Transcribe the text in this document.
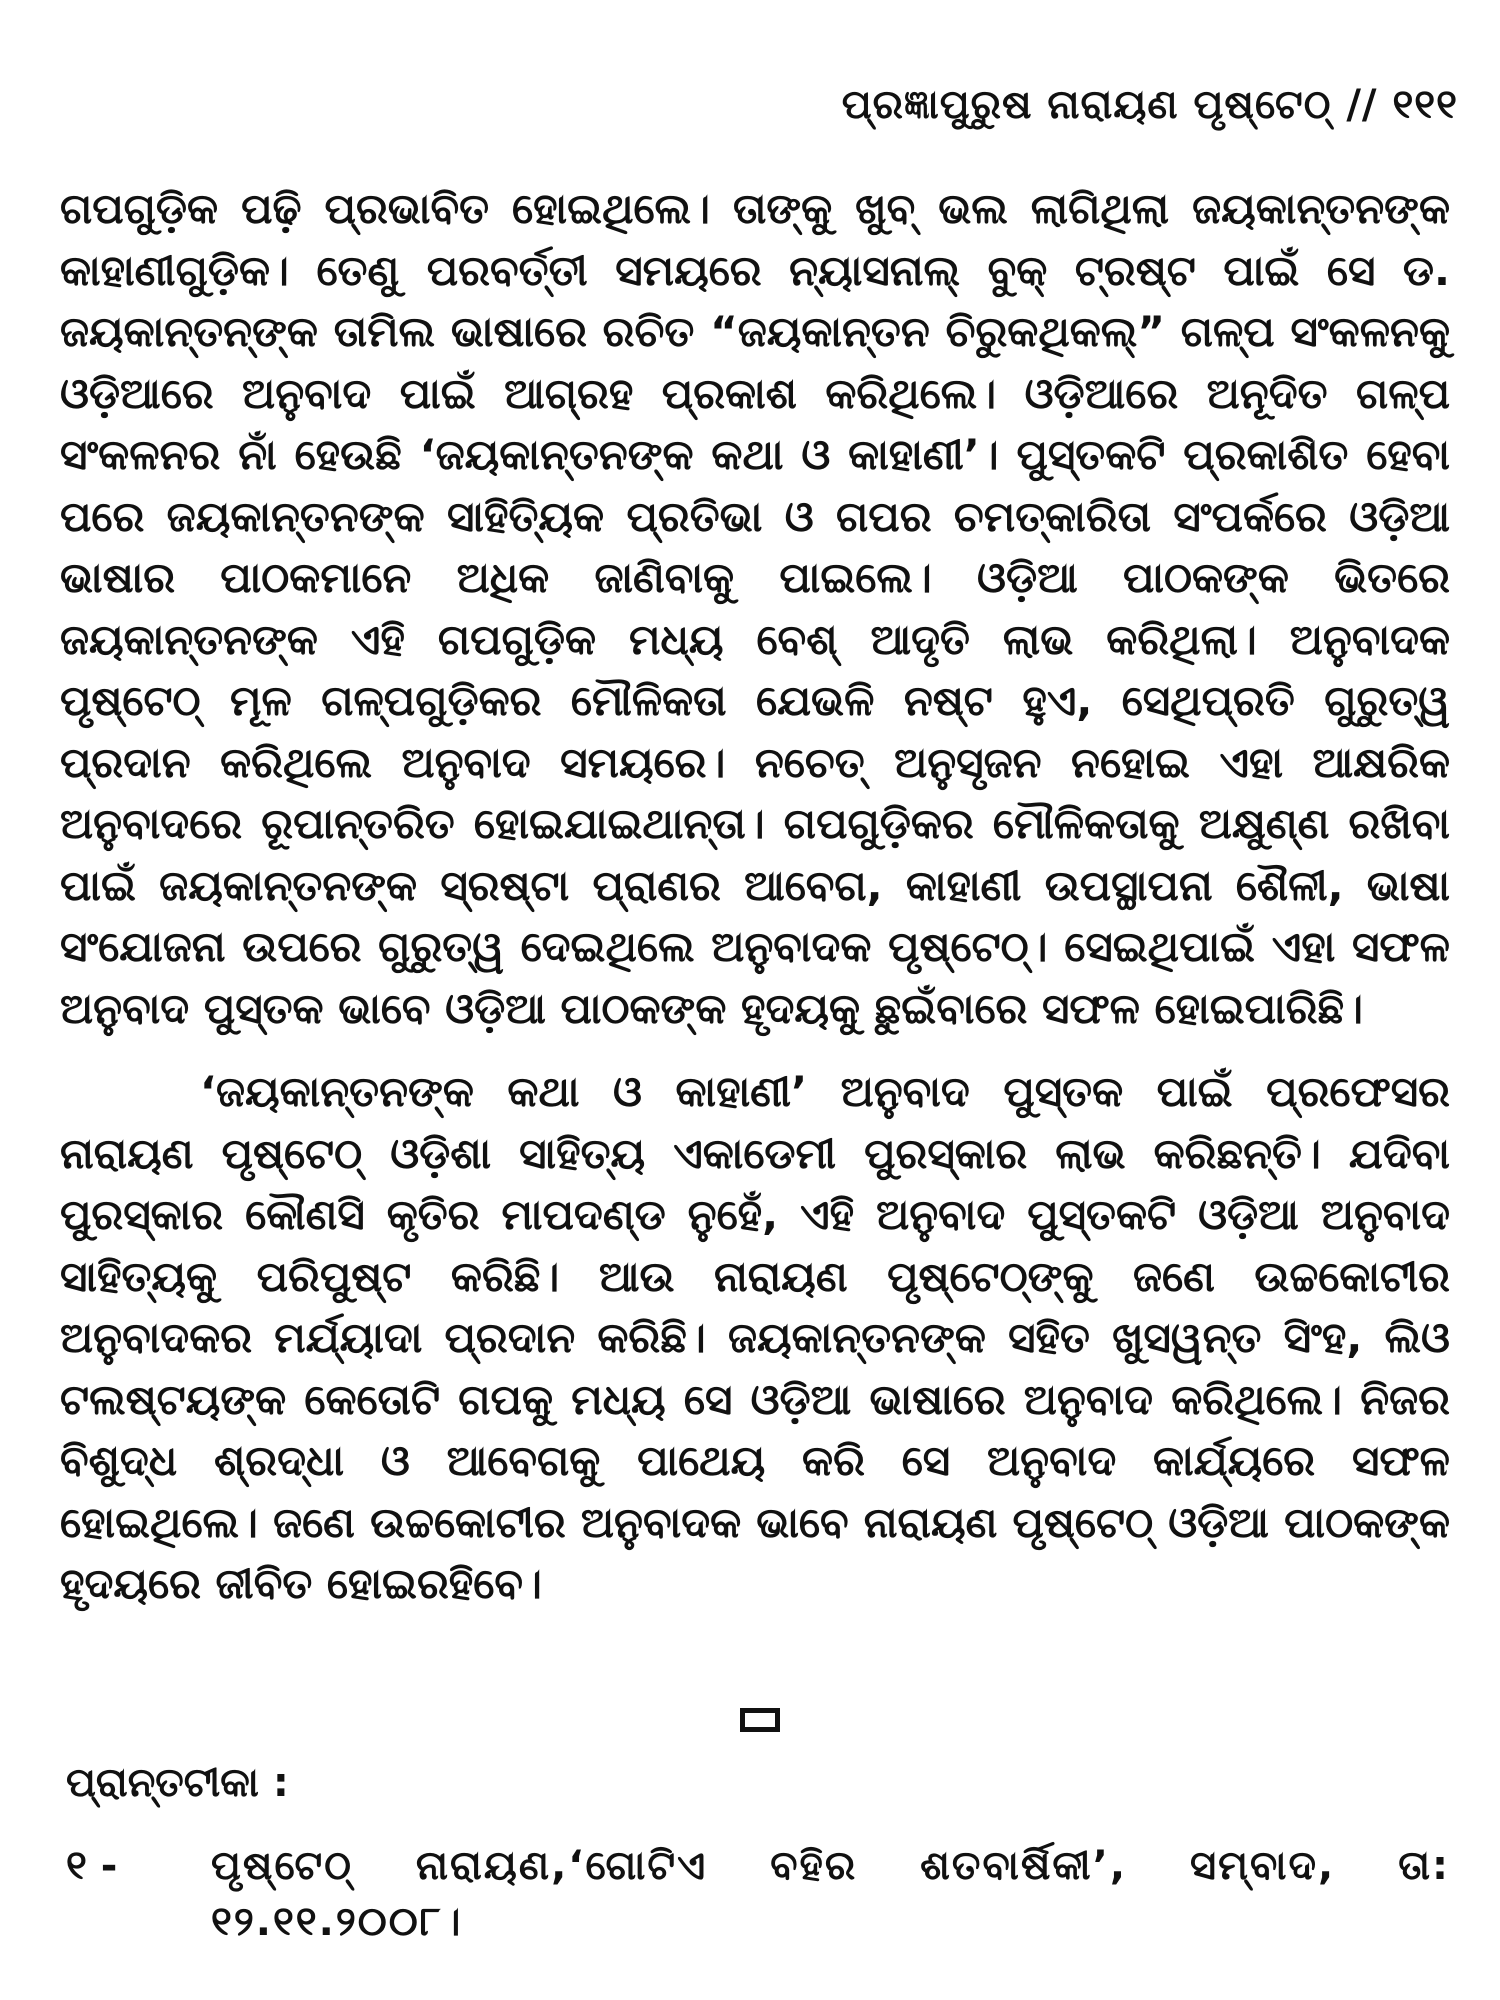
ପ୍ରଜ୍ଞାପୁରୁଷ ନାରାୟଣ ପୃଷ୍ଟେଠ୍ // ୧୧୧

ଗପଗୁଡ଼ିକ ପଢ଼ି ପ୍ରଭାବିତ ହୋଇଥିଲେ। ତାଙ୍କୁ ଖୁବ୍ ଭଲ ଲାଗିଥିଲା ଜୟକାନ୍ତନଙ୍କ କାହାଣୀଗୁଡ଼ିକ। ତେଣୁ ପରବର୍ତ୍ତୀ ସମୟରେ ନ୍ୟାସନାଲ୍ ବୁକ୍ ଟ୍ରଷ୍ଟ ପାଇଁ ସେ ଡ. ଜୟକାନ୍ତନ୍‌ଙ୍କ ତାମିଲ ଭାଷାରେ ରଚିତ “ଜୟକାନ୍ତନ ଚିରୁକଥିକଲ୍” ଗଳ୍ପ ସଂକଳନକୁ ଓଡ଼ିଆରେ ଅନୁବାଦ ପାଇଁ ଆଗ୍ରହ ପ୍ରକାଶ କରିଥିଲେ। ଓଡ଼ିଆରେ ଅନୂଦିତ ଗଳ୍ପ ସଂକଳନର ନାଁ ହେଉଛି ‘ଜୟକାନ୍ତନଙ୍କ କଥା ଓ କାହାଣୀ’। ପୁସ୍ତକଟି ପ୍ରକାଶିତ ହେବା ପରେ ଜୟକାନ୍ତନଙ୍କ ସାହିତ୍ୟିକ ପ୍ରତିଭା ଓ ଗପର ଚମତ୍କାରିତା ସଂପର୍କରେ ଓଡ଼ିଆ ଭାଷାର ପାଠକମାନେ ଅଧିକ ଜାଣିବାକୁ ପାଇଲେ। ଓଡ଼ିଆ ପାଠକଙ୍କ ଭିତରେ ଜୟକାନ୍ତନଙ୍କ ଏହି ଗପଗୁଡ଼ିକ ମଧ୍ୟ ବେଶ୍ ଆଦୃତି ଲାଭ କରିଥିଲା। ଅନୁବାଦକ ପୃଷ୍ଟେଠ୍ ମୂଳ ଗଳ୍ପଗୁଡ଼ିକର ମୌଳିକତା ଯେଭଳି ନଷ୍ଟ ହୁଏ, ସେଥିପ୍ରତି ଗୁରୁତ୍ୱ ପ୍ରଦାନ କରିଥିଲେ ଅନୁବାଦ ସମୟରେ। ନଚେତ୍ ଅନୁସୃଜନ ନହୋଇ ଏହା ଆକ୍ଷରିକ ଅନୁବାଦରେ ରୂପାନ୍ତରିତ ହୋଇଯାଇଥାନ୍ତା। ଗପଗୁଡ଼ିକର ମୌଳିକତାକୁ ଅକ୍ଷୁଣ୍ଣ ରଖିବା ପାଇଁ ଜୟକାନ୍ତନଙ୍କ ସ୍ରଷ୍ଟା ପ୍ରାଣର ଆବେଗ, କାହାଣୀ ଉପସ୍ଥାପନା ଶୈଳୀ, ଭାଷା ସଂଯୋଜନା ଉପରେ ଗୁରୁତ୍ୱ ଦେଇଥିଲେ ଅନୁବାଦକ ପୃଷ୍ଟେଠ୍। ସେଇଥିପାଇଁ ଏହା ସଫଳ ଅନୁବାଦ ପୁସ୍ତକ ଭାବେ ଓଡ଼ିଆ ପାଠକଙ୍କ ହୃଦୟକୁ ଛୁଇଁବାରେ ସଫଳ ହୋଇପାରିଛି।

‘ଜୟକାନ୍ତନଙ୍କ କଥା ଓ କାହାଣୀ’ ଅନୁବାଦ ପୁସ୍ତକ ପାଇଁ ପ୍ରଫେସର ନାରାୟଣ ପୃଷ୍ଟେଠ୍ ଓଡ଼ିଶା ସାହିତ୍ୟ ଏକାଡେମୀ ପୁରସ୍କାର ଲାଭ କରିଛନ୍ତି। ଯଦିବା ପୁରସ୍କାର କୌଣସି କୃତିର ମାପଦଣ୍ଡ ନୁହେଁ, ଏହି ଅନୁବାଦ ପୁସ୍ତକଟି ଓଡ଼ିଆ ଅନୁବାଦ ସାହିତ୍ୟକୁ ପରିପୁଷ୍ଟ କରିଛି। ଆଉ ନାରାୟଣ ପୃଷ୍ଟେଠ୍‌ଙ୍କୁ ଜଣେ ଉଚ୍ଚକୋଟୀର ଅନୁବାଦକର ମର୍ଯ୍ୟାଦା ପ୍ରଦାନ କରିଛି। ଜୟକାନ୍ତନଙ୍କ ସହିତ ଖୁସୱନ୍ତ ସିଂହ, ଲିଓ ଟଲଷ୍ଟୟଙ୍କ କେତୋଟି ଗପକୁ ମଧ୍ୟ ସେ ଓଡ଼ିଆ ଭାଷାରେ ଅନୁବାଦ କରିଥିଲେ। ନିଜର ବିଶୁଦ୍ଧ ଶ୍ରଦ୍ଧା ଓ ଆବେଗକୁ ପାଥେୟ କରି ସେ ଅନୁବାଦ କାର୍ଯ୍ୟରେ ସଫଳ ହୋଇଥିଲେ। ଜଣେ ଉଚ୍ଚକୋଟୀର ଅନୁବାଦକ ଭାବେ ନାରାୟଣ ପୃଷ୍ଟେଠ୍ ଓଡ଼ିଆ ପାଠକଙ୍କ ହୃଦୟରେ ଜୀବିତ ହୋଇରହିବେ।

ପ୍ରାନ୍ତଟୀକା :
୧ -	ପୃଷ୍ଟେଠ୍ ନାରାୟଣ,‘ଗୋଟିଏ ବହିର ଶତବାର୍ଷିକୀ’, ସମ୍ବାଦ, ତା: ୧୨.୧୧.୨୦୦୮।
